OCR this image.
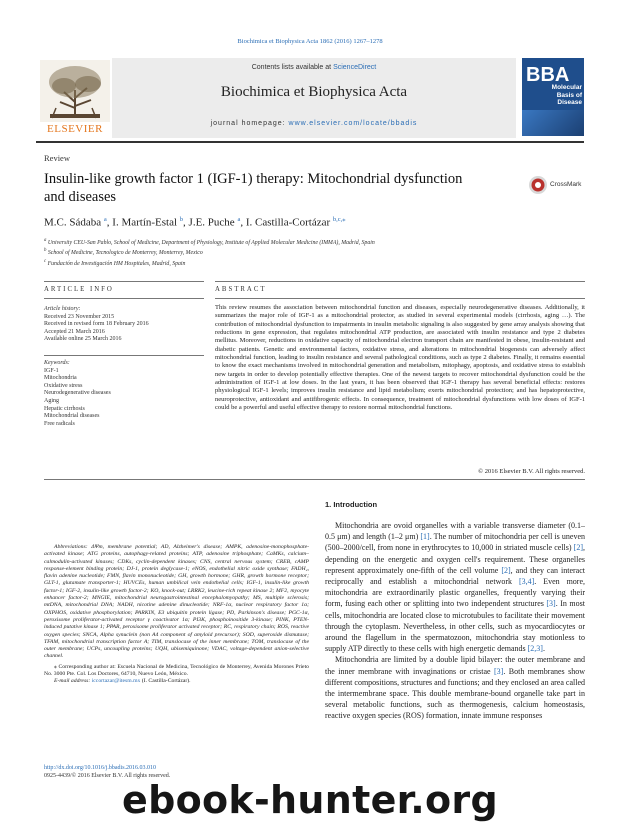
Biochimica et Biophysica Acta 1862 (2016) 1267–1278
ELSEVIER
Contents lists available at ScienceDirect
Biochimica et Biophysica Acta
journal homepage: www.elsevier.com/locate/bbadis
BBA
Molecular
Basis of
Disease
Review
Insulin-like growth factor 1 (IGF-1) therapy: Mitochondrial dysfunction and diseases
CrossMark
M.C. Sádaba $^a$, I. Martín-Estal $^b$, J.E. Puche $^a$, I. Castilla-Cortázar $^{b,c,⁎}$
$^a$ University CEU-San Pablo, School of Medicine, Department of Physiology, Institute of Applied Molecular Medicine (IMMA), Madrid, Spain
$^b$ School of Medicine, Tecnologico de Monterrey, Monterrey, Mexico
$^c$ Fundación de Investigación HM Hospitales, Madrid, Spain
ARTICLE INFO
Article history:
Received 23 November 2015
Received in revised form 18 February 2016
Accepted 21 March 2016
Available online 25 March 2016
Keywords:
IGF-1
Mitochondria
Oxidative stress
Neurodegenerative diseases
Aging
Hepatic cirrhosis
Mitochondrial diseases
Free radicals
ABSTRACT
This review resumes the association between mitochondrial function and diseases, especially neurodegenerative diseases. Additionally, it summarizes the major role of IGF-1 as a mitochondrial protector, as studied in several experimental models (cirrhosis, aging …). The contribution of mitochondrial dysfunction to impairments in insulin metabolic signaling is also suggested by gene array analysis showing that reductions in gene expression, that regulates mitochondrial ATP production, are associated with insulin resistance and type 2 diabetes mellitus. Moreover, reductions in oxidative capacity of mitochondrial electron transport chain are manifested in obese, insulin-resistant and diabetic patients. Genetic and environmental factors, oxidative stress, and alterations in mitochondrial biogenesis can adversely affect mitochondrial function, leading to insulin resistance and several pathological conditions, such as type 2 diabetes. Finally, it remains essential to know the exact mechanisms involved in mitochondrial generation and metabolism, mitophagy, apoptosis, and oxidative stress to establish new targets in order to develop potentially effective therapies. One of the newest targets to recover mitochondrial dysfunction could be the administration of IGF-1 at low doses. In the last years, it has been observed that IGF-1 therapy has several beneficial effects: restores physiological IGF-1 levels; improves insulin resistance and lipid metabolism; exerts mitochondrial protection; and has hepatoprotective, neuroprotective, antioxidant and antifibrogenic effects. In consequence, treatment of mitochondrial dysfunctions with low doses of IGF-1 could be a powerful and useful effective therapy to restore normal mitochondrial functions.
© 2016 Elsevier B.V. All rights reserved.
1. Introduction

Mitochondria are ovoid organelles with a variable transverse diameter (0.1–0.5 μm) and length (1–2 μm) [1]. The number of mitochondria per cell is uneven (500–2000/cell, from none in erythrocytes to 10,000 in striated muscle cells) [2], depending on the energetic and oxygen cell's requirement. These organelles represent approximately one-fifth of the cell volume [2], and they can interact reciprocally and establish a mitochondrial network [3,4]. Even more, mitochondria are extraordinarily plastic organelles, frequently varying their form, fusing each other or splitting into two independent structures [3]. In most cells, mitochondria are located close to microtubules to facilitate their movement through the cytoplasm. Nevertheless, in other cells, such as myocardiocytes or around the flagellum in the spermatozoon, mitochondria stay motionless to supply ATP directly to these cells with high energetic demands [2,3].

Mitochondria are limited by a double lipid bilayer: the outer membrane and the inner membrane with invaginations or cristae [3]. Both membranes show different compositions, structures and functions; and they enclosed an area called the intermembrane space. This double membrane-bound organelle take part in several metabolic functions, such as thermogenesis, calcium homeostasis, reactive oxygen species (ROS) formation, innate immune responses

Abbreviations: ΔΨm, membrane potential; AD, Alzheimer's disease; AMPK, adenosine-monophosphate-activated kinase; ATG proteins, autophagy-related proteins; ATP, adenosine triphosphate; CaMKs, calcium–calmodulin-activated kinases; CDKs, cyclin-dependent kinases; CNS, central nervous system; CREB, cAMP response-element binding protein; DJ-1, protein deglycase-1; eNOS, endothelial nitric oxide synthase; FADH₂, flavin adenine nucleotide; FMN, flavin mononucleotide; GH, growth hormone; GHR, growth hormone receptor; GLT-1, glutamate transporter-1; HUVCEs, human umbilical vein endothelial cells; IGF-1, insulin-like growth factor-1; IGF-2, insulin-like growth factor-2; KO, knock-out; LRRK2, leucine-rich repeat kinase 2; MF2, myocyte enhancer factor-2; MNGIE, mitochondrial neurogastrointestinal encephalomyopathy; MS, multiple sclerosis; mtDNA, mitochondrial DNA; NADH, nicotine adenine dinucleotide; NRF-1α, nuclear respiratory factor 1α; OXPHOS, oxidative phosphorylation; PARKIN, E3 ubiquitin protein ligase; PD, Parkinson's disease; PGC-1α, peroxisome proliferator-activated receptor γ coactivator 1α; PI3K, phosphoinositide 3-kinase; PINK, PTEN-induced putative kinase 1; PPAR, peroxisome proliferator activated receptor; RC, respiratory chain; ROS, reactive oxygen species; SNCA, Alpha synuclein (non A4 component of amyloid precursor); SOD, superoxide dismutase; TFAM, mitochondrial transcription factor A; TIM, translocase of the inner membrane; TOM, translocase of the outer membrane; UCPs, uncoupling proteins; UQH, ubisemiquinone; VDAC, voltage-dependent anion-selective channel.
⁎ Corresponding author at: Escuela Nacional de Medicina, Tecnológico de Monterrey, Avenida Morones Prieto No. 3000 Pte. Col. Los Doctores, 64710, Nuevo León, México.
E-mail address: iccortazar@itesm.mx (I. Castilla-Cortázar).
http://dx.doi.org/10.1016/j.bbadis.2016.03.010
0925-4439/© 2016 Elsevier B.V. All rights reserved.
ebook-hunter.org
